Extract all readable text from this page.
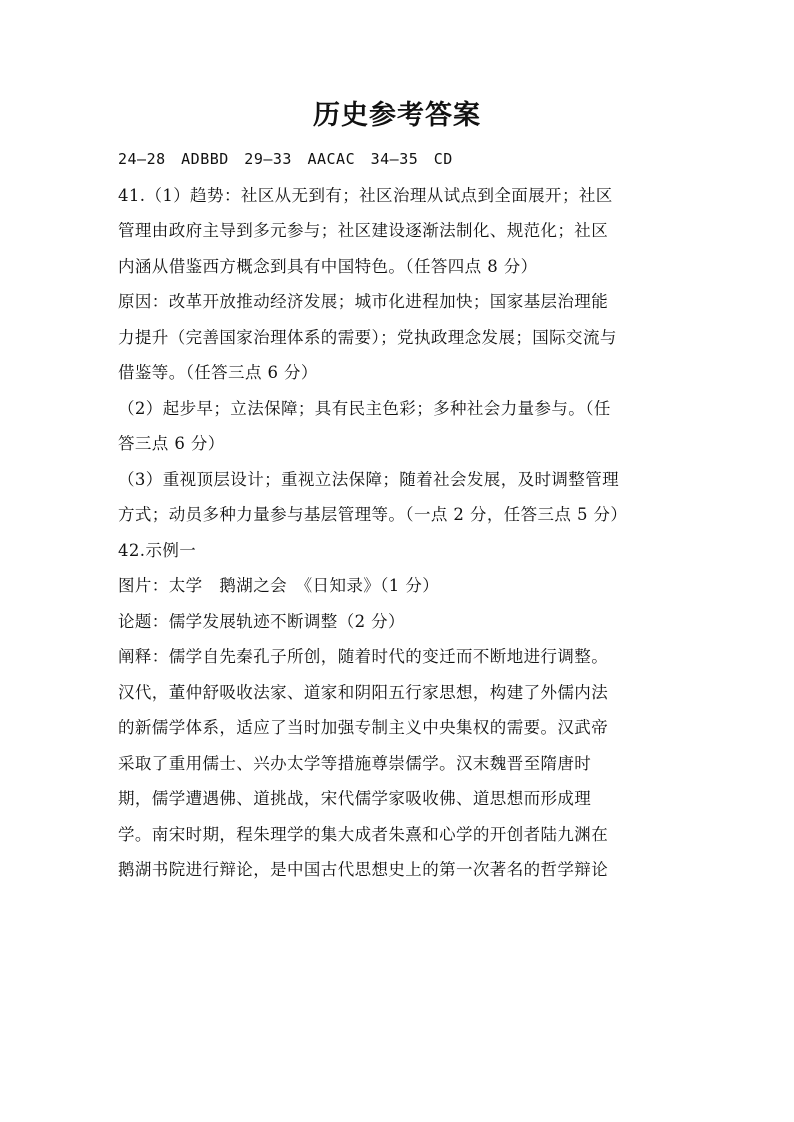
历史参考答案
24—28　ADBBD　29—33　AACAC　34—35　CD
41.（1）趋势：社区从无到有；社区治理从试点到全面展开；社区
管理由政府主导到多元参与；社区建设逐渐法制化、规范化；社区
内涵从借鉴西方概念到具有中国特色。（任答四点 8 分）
原因：改革开放推动经济发展；城市化进程加快；国家基层治理能
力提升（完善国家治理体系的需要）；党执政理念发展；国际交流与
借鉴等。（任答三点 6 分）
（2）起步早；立法保障；具有民主色彩；多种社会力量参与。（任
答三点 6 分）
（3）重视顶层设计；重视立法保障；随着社会发展，及时调整管理
方式；动员多种力量参与基层管理等。（一点 2 分，任答三点 5 分）
42.示例一
图片：太学　鹅湖之会　《日知录》（1 分）
论题：儒学发展轨迹不断调整（2 分）
阐释：儒学自先秦孔子所创，随着时代的变迁而不断地进行调整。
汉代，董仲舒吸收法家、道家和阴阳五行家思想，构建了外儒内法
的新儒学体系，适应了当时加强专制主义中央集权的需要。汉武帝
采取了重用儒士、兴办太学等措施尊崇儒学。汉末魏晋至隋唐时
期，儒学遭遇佛、道挑战，宋代儒学家吸收佛、道思想而形成理
学。南宋时期，程朱理学的集大成者朱熹和心学的开创者陆九渊在
鹅湖书院进行辩论，是中国古代思想史上的第一次著名的哲学辩论
